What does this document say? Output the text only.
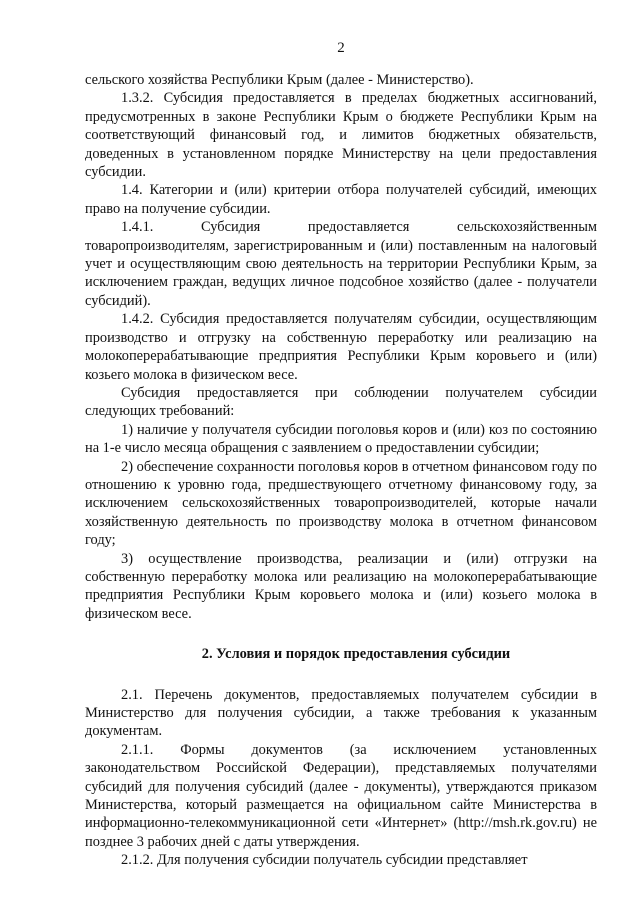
2

сельского хозяйства Республики Крым (далее - Министерство).

1.3.2. Субсидия предоставляется в пределах бюджетных ассигнований, предусмотренных в законе Республики Крым о бюджете Республики Крым на соответствующий финансовый год, и лимитов бюджетных обязательств, доведенных в установленном порядке Министерству на цели предоставления субсидии.

1.4. Категории и (или) критерии отбора получателей субсидий, имеющих право на получение субсидии.

1.4.1. Субсидия предоставляется сельскохозяйственным товаропроизводителям, зарегистрированным и (или) поставленным на налоговый учет и осуществляющим свою деятельность на территории Республики Крым, за исключением граждан, ведущих личное подсобное хозяйство (далее - получатели субсидий).

1.4.2. Субсидия предоставляется получателям субсидии, осуществляющим производство и отгрузку на собственную переработку или реализацию на молокоперерабатывающие предприятия Республики Крым коровьего и (или) козьего молока в физическом весе.

Субсидия предоставляется при соблюдении получателем субсидии следующих требований:

1) наличие у получателя субсидии поголовья коров и (или) коз по состоянию на 1-е число месяца обращения с заявлением о предоставлении субсидии;

2) обеспечение сохранности поголовья коров в отчетном финансовом году по отношению к уровню года, предшествующего отчетному финансовому году, за исключением сельскохозяйственных товаропроизводителей, которые начали хозяйственную деятельность по производству молока в отчетном финансовом году;

3) осуществление производства, реализации и (или) отгрузки на собственную переработку молока или реализацию на молокоперерабатывающие предприятия Республики Крым коровьего молока и (или) козьего молока в физическом весе.

2. Условия и порядок предоставления субсидии

2.1. Перечень документов, предоставляемых получателем субсидии в Министерство для получения субсидии, а также требования к указанным документам.

2.1.1. Формы документов (за исключением установленных законодательством Российской Федерации), представляемых получателями субсидий для получения субсидий (далее - документы), утверждаются приказом Министерства, который размещается на официальном сайте Министерства в информационно-телекоммуникационной сети «Интернет» (http://msh.rk.gov.ru) не позднее 3 рабочих дней с даты утверждения.

2.1.2. Для получения субсидии получатель субсидии представляет
